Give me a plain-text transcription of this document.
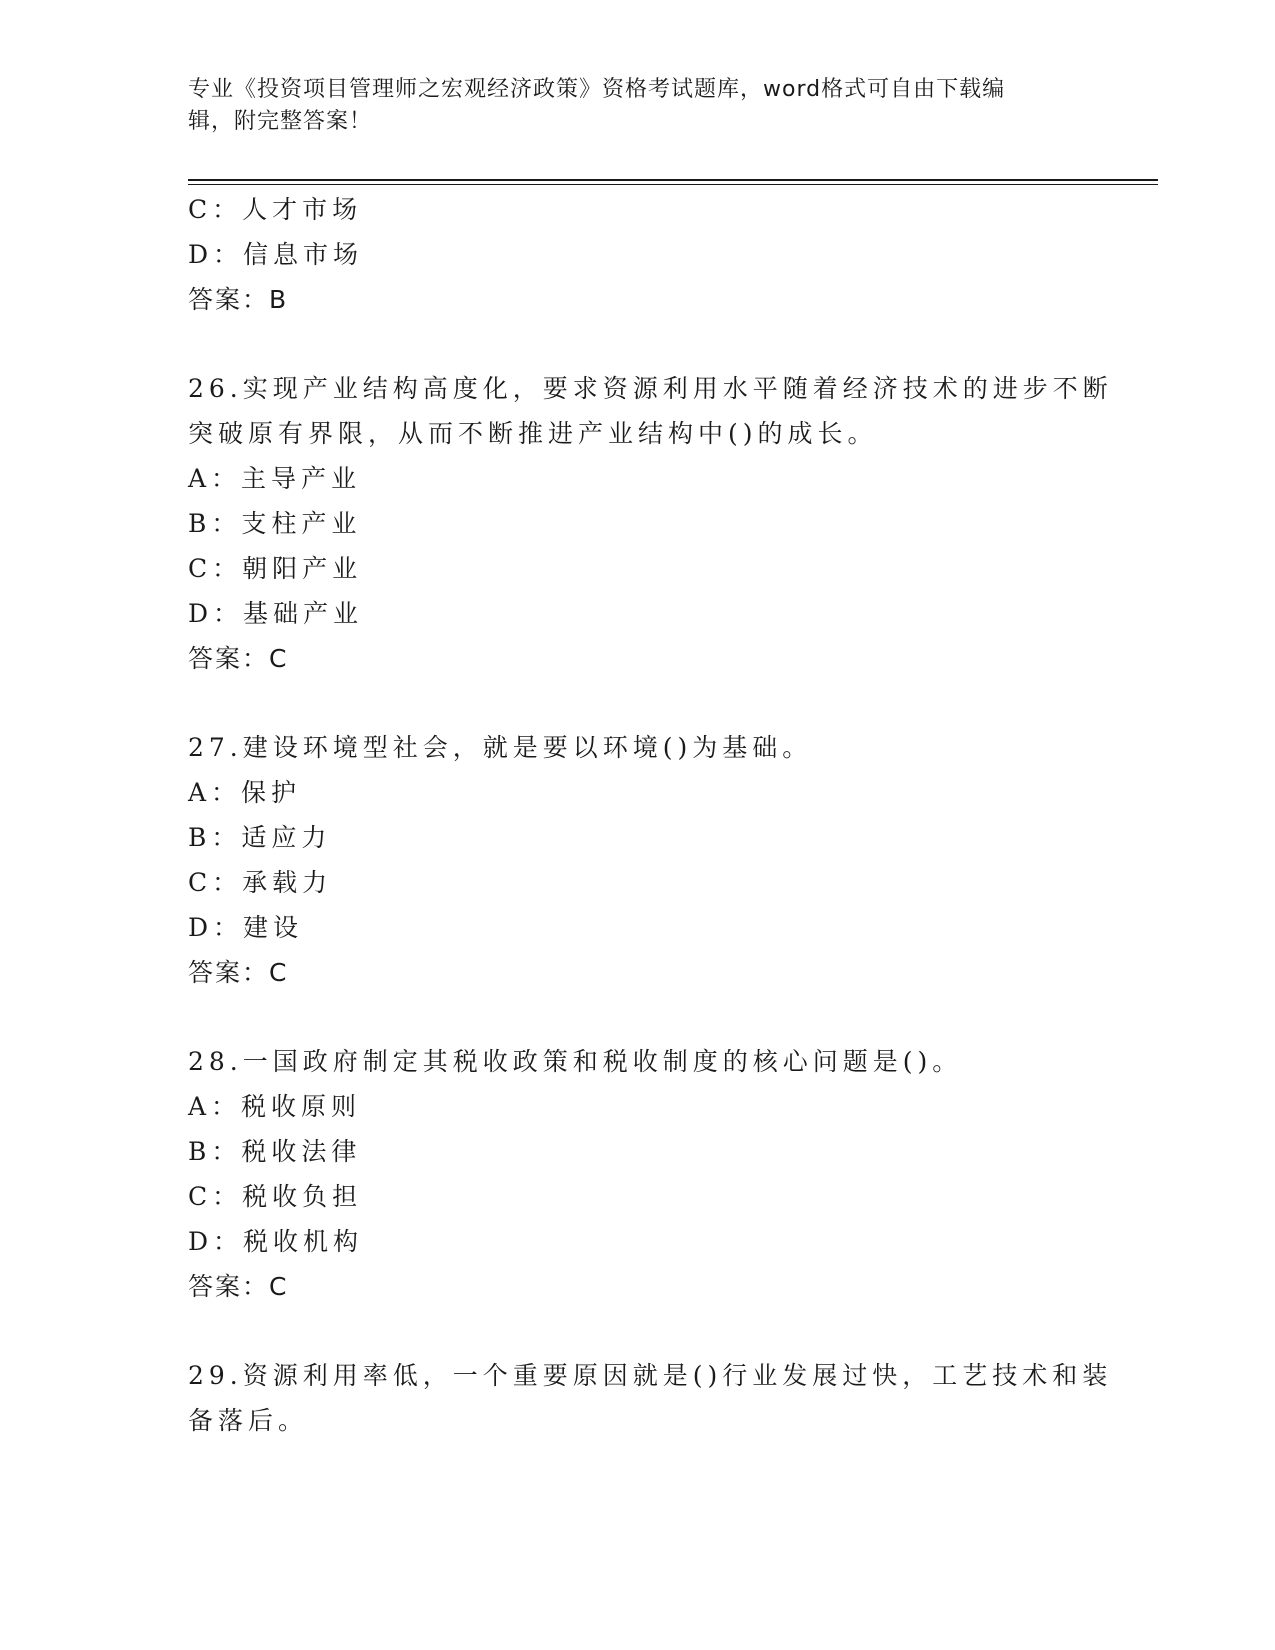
专业《投资项目管理师之宏观经济政策》资格考试题库，word格式可自由下载编
辑，附完整答案！
C：人才市场
D：信息市场
答案：B
26.实现产业结构高度化，要求资源利用水平随着经济技术的进步不断
突破原有界限，从而不断推进产业结构中()的成长。
A：主导产业
B：支柱产业
C：朝阳产业
D：基础产业
答案：C
27.建设环境型社会，就是要以环境()为基础。
A：保护
B：适应力
C：承载力
D：建设
答案：C
28.一国政府制定其税收政策和税收制度的核心问题是()。
A：税收原则
B：税收法律
C：税收负担
D：税收机构
答案：C
29.资源利用率低，一个重要原因就是()行业发展过快，工艺技术和装
备落后。
